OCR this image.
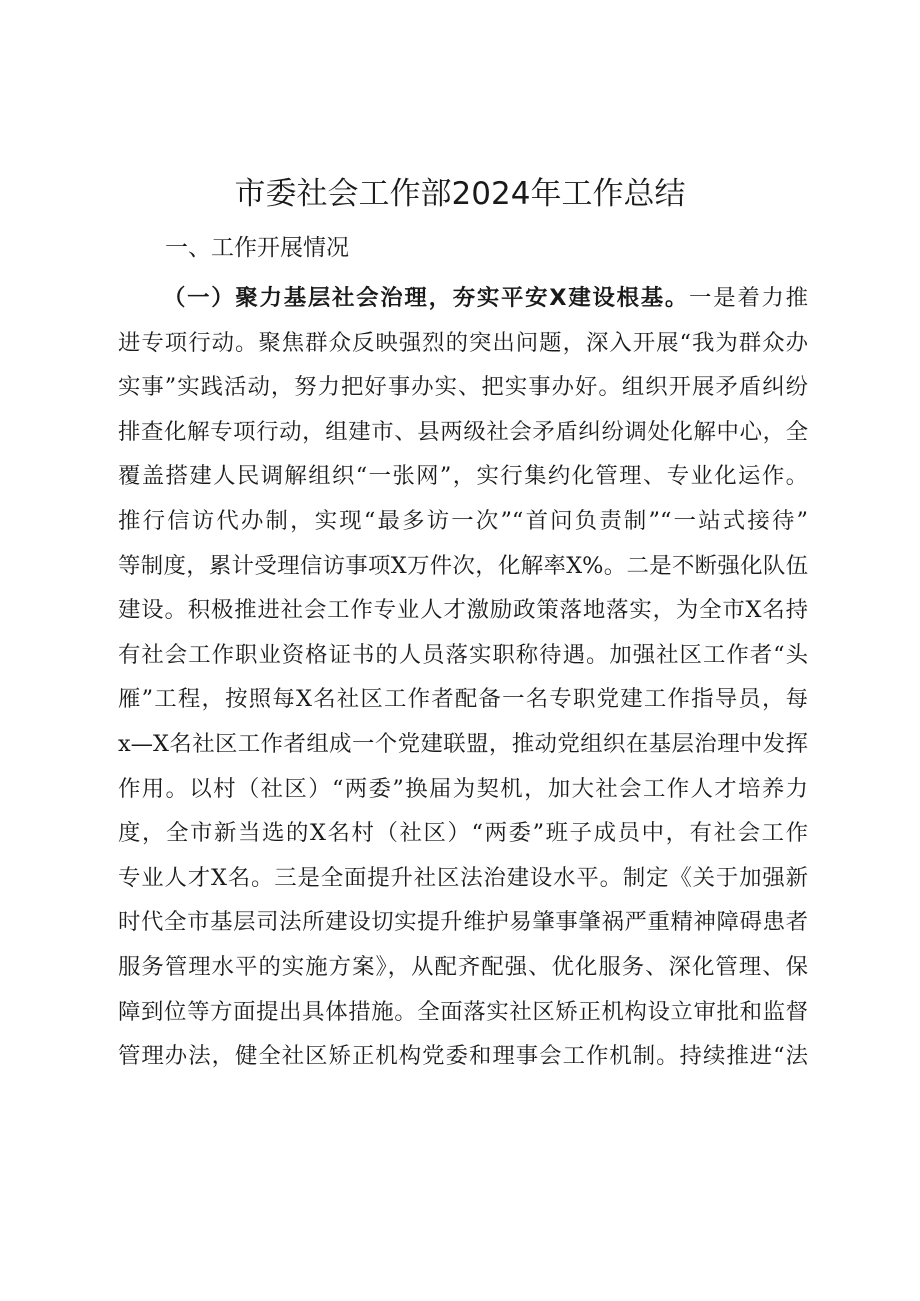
市委社会工作部2024年工作总结
一、工作开展情况
（一）聚力基层社会治理，夯实平安X建设根基。一是着力推
进专项行动。聚焦群众反映强烈的突出问题，深入开展“我为群众办
实事”实践活动，努力把好事办实、把实事办好。组织开展矛盾纠纷
排查化解专项行动，组建市、县两级社会矛盾纠纷调处化解中心，全
覆盖搭建人民调解组织“一张网”，实行集约化管理、专业化运作。
推行信访代办制，实现“最多访一次”“首问负责制”“一站式接待”
等制度，累计受理信访事项X万件次，化解率X%。二是不断强化队伍
建设。积极推进社会工作专业人才激励政策落地落实，为全市X名持
有社会工作职业资格证书的人员落实职称待遇。加强社区工作者“头
雁”工程，按照每X名社区工作者配备一名专职党建工作指导员，每
x—X名社区工作者组成一个党建联盟，推动党组织在基层治理中发挥
作用。以村（社区）“两委”换届为契机，加大社会工作人才培养力
度，全市新当选的X名村（社区）“两委”班子成员中，有社会工作
专业人才X名。三是全面提升社区法治建设水平。制定《关于加强新
时代全市基层司法所建设切实提升维护易肇事肇祸严重精神障碍患者
服务管理水平的实施方案》，从配齐配强、优化服务、深化管理、保
障到位等方面提出具体措施。全面落实社区矫正机构设立审批和监督
管理办法，健全社区矫正机构党委和理事会工作机制。持续推进“法
